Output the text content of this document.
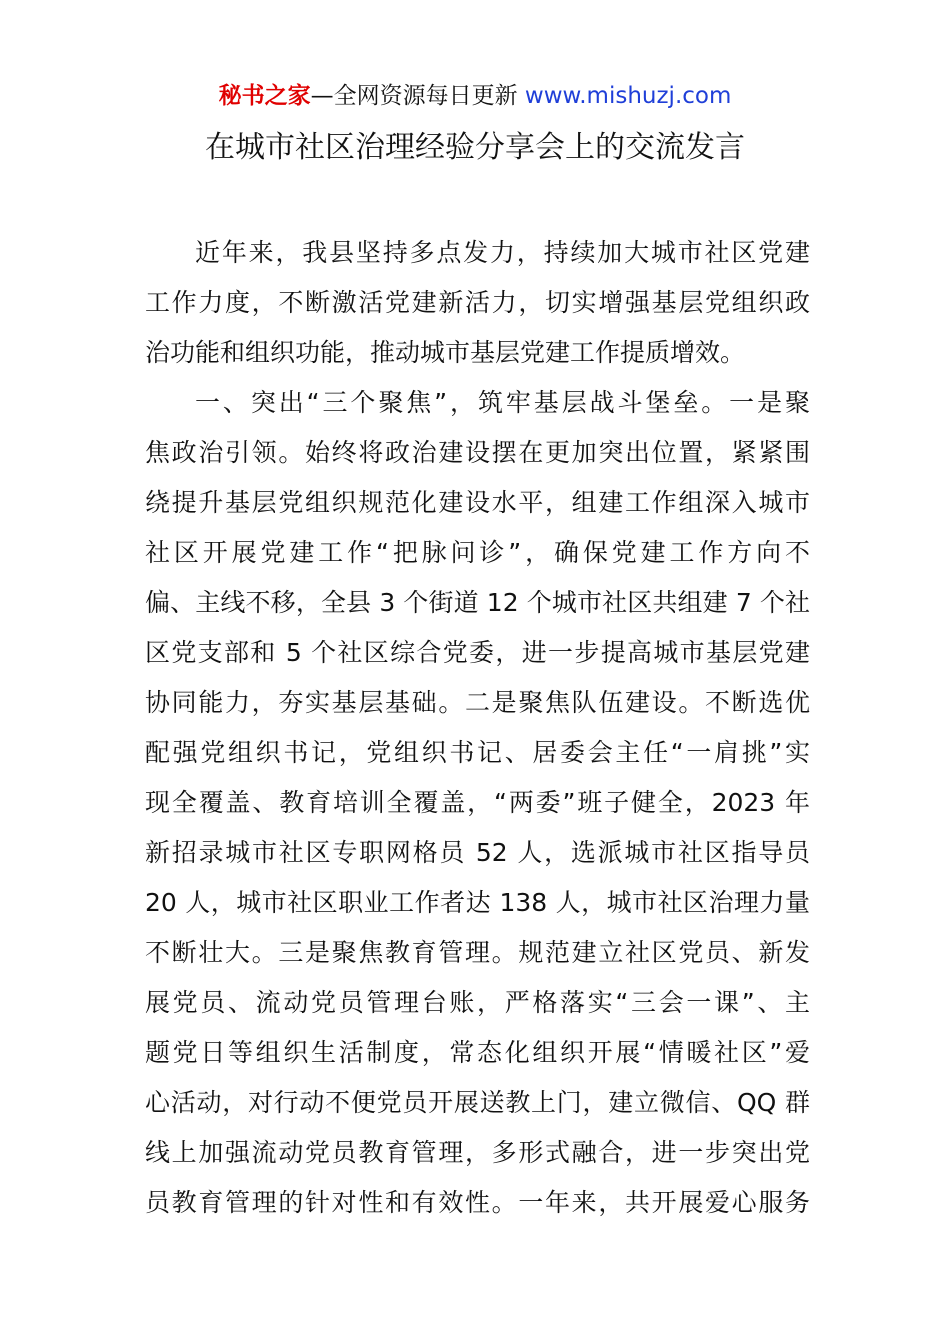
秘书之家—全网资源每日更新 www.mishuzj.com
在城市社区治理经验分享会上的交流发言
近年来，我县坚持多点发力，持续加大城市社区党建
工作力度，不断激活党建新活力，切实增强基层党组织政
治功能和组织功能，推动城市基层党建工作提质增效。
一、突出“三个聚焦”，筑牢基层战斗堡垒。一是聚
焦政治引领。始终将政治建设摆在更加突出位置，紧紧围
绕提升基层党组织规范化建设水平，组建工作组深入城市
社区开展党建工作“把脉问诊”，确保党建工作方向不
偏、主线不移，全县 3 个街道 12 个城市社区共组建 7 个社
区党支部和 5 个社区综合党委，进一步提高城市基层党建
协同能力，夯实基层基础。二是聚焦队伍建设。不断选优
配强党组织书记，党组织书记、居委会主任“一肩挑”实
现全覆盖、教育培训全覆盖，“两委”班子健全，2023 年
新招录城市社区专职网格员 52 人，选派城市社区指导员
20 人，城市社区职业工作者达 138 人，城市社区治理力量
不断壮大。三是聚焦教育管理。规范建立社区党员、新发
展党员、流动党员管理台账，严格落实“三会一课”、主
题党日等组织生活制度，常态化组织开展“情暖社区”爱
心活动，对行动不便党员开展送教上门，建立微信、QQ 群
线上加强流动党员教育管理，多形式融合，进一步突出党
员教育管理的针对性和有效性。一年来，共开展爱心服务
